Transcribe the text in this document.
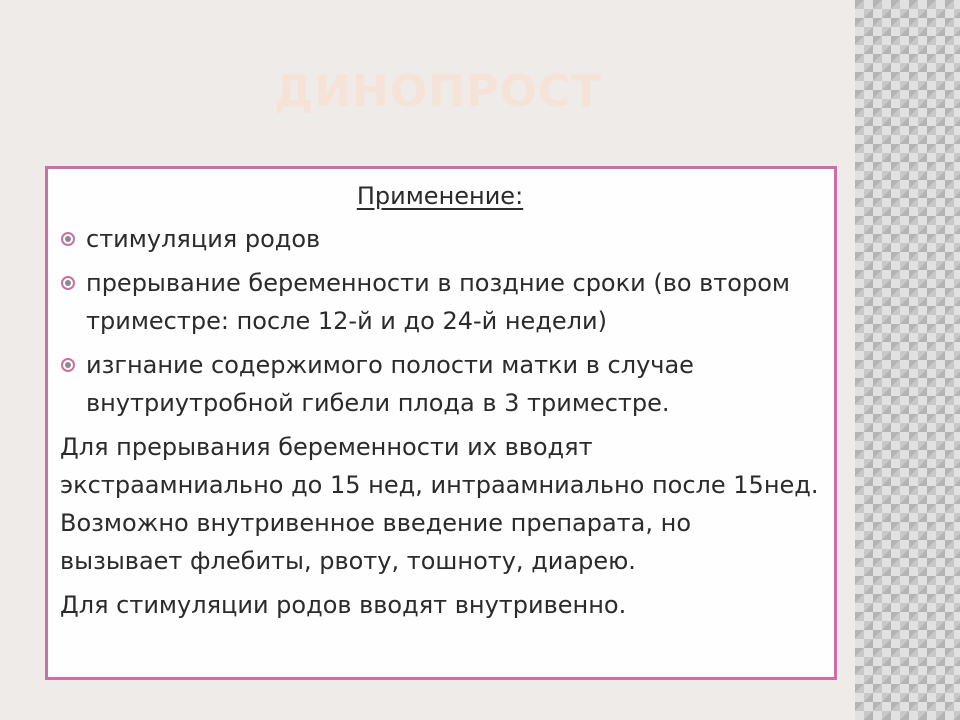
ДИНОПРОСТ
Применение:
стимуляция родов
прерывание беременности в поздние сроки (во втором триместре: после 12-й и до 24-й недели)
изгнание содержимого полости матки в случае внутриутробной гибели плода в 3 триместре.

Для прерывания беременности их вводят экстраамниально до 15 нед, интраамниально после 15нед. Возможно внутривенное введение препарата, но вызывает флебиты, рвоту, тошноту, диарею.

Для стимуляции родов вводят внутривенно.
